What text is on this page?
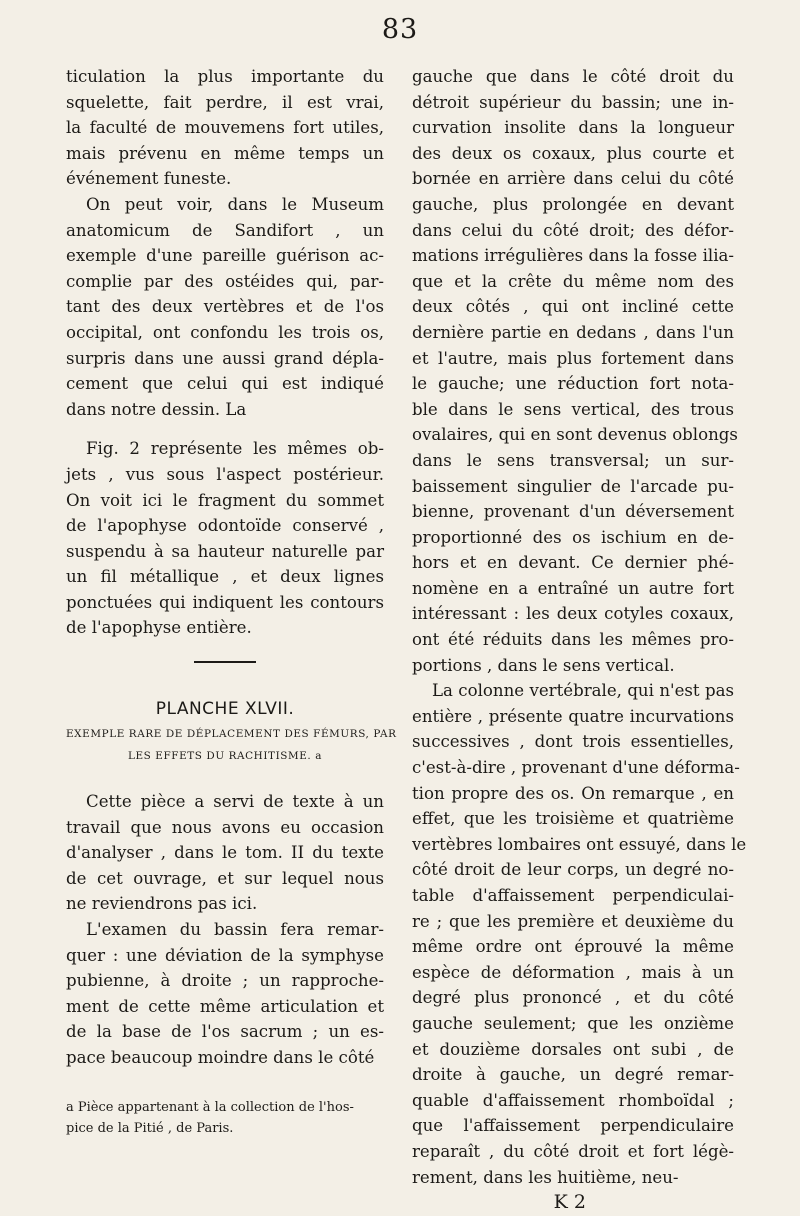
83
ticulation la plus importante du
squelette, fait perdre, il est vrai,
la faculté de mouvemens fort utiles,
mais prévenu en même temps un
événement funeste.
On peut voir, dans le Museum
anatomicum de Sandifort , un
exemple d'une pareille guérison ac-
complie par des ostéides qui, par-
tant des deux vertèbres et de l'os
occipital, ont confondu les trois os,
surpris dans une aussi grand dépla-
cement que celui qui est indiqué
dans notre dessin. La
Fig. 2 représente les mêmes ob-
jets , vus sous l'aspect postérieur.
On voit ici le fragment du sommet
de l'apophyse odontoïde conservé ,
suspendu à sa hauteur naturelle par
un fil métallique , et deux lignes
ponctuées qui indiquent les contours
de l'apophyse entière.
PLANCHE XLVII.
EXEMPLE RARE DE DÉPLACEMENT DES FÉMURS, PAR
LES EFFETS DU RACHITISME. a
Cette pièce a servi de texte à un
travail que nous avons eu occasion
d'analyser , dans le tom. II du texte
de cet ouvrage, et sur lequel nous
ne reviendrons pas ici.
L'examen du bassin fera remar-
quer : une déviation de la symphyse
pubienne, à droite ; un rapproche-
ment de cette même articulation et
de la base de l'os sacrum ; un es-
pace beaucoup moindre dans le côté
a Pièce appartenant à la collection de l'hos-
pice de la Pitié , de Paris.
gauche que dans le côté droit du
détroit supérieur du bassin; une in-
curvation insolite dans la longueur
des deux os coxaux, plus courte et
bornée en arrière dans celui du côté
gauche, plus prolongée en devant
dans celui du côté droit; des défor-
mations irrégulières dans la fosse ilia-
que et la crête du même nom des
deux côtés , qui ont incliné cette
dernière partie en dedans , dans l'un
et l'autre, mais plus fortement dans
le gauche; une réduction fort nota-
ble dans le sens vertical, des trous
ovalaires, qui en sont devenus oblongs
dans le sens transversal; un sur-
baissement singulier de l'arcade pu-
bienne, provenant d'un déversement
proportionné des os ischium en de-
hors et en devant. Ce dernier phé-
nomène en a entraîné un autre fort
intéressant : les deux cotyles coxaux,
ont été réduits dans les mêmes pro-
portions , dans le sens vertical.
La colonne vertébrale, qui n'est pas
entière , présente quatre incurvations
successives , dont trois essentielles,
c'est-à-dire , provenant d'une déforma-
tion propre des os. On remarque , en
effet, que les troisième et quatrième
vertèbres lombaires ont essuyé, dans le
côté droit de leur corps, un degré no-
table d'affaissement perpendiculai-
re ; que les première et deuxième du
même ordre ont éprouvé la même
espèce de déformation , mais à un
degré plus prononcé , et du côté
gauche seulement; que les onzième
et douzième dorsales ont subi , de
droite à gauche, un degré remar-
quable d'affaissement rhomboïdal ;
que l'affaissement perpendiculaire
reparaît , du côté droit et fort légè-
rement, dans les huitième, neu-
K 2
